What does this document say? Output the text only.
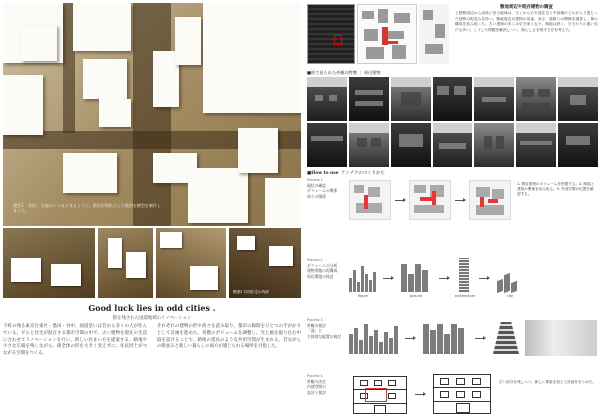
模型1 「街区」全部が１つまとまるように、新旧定期拡大した範囲を模型を制作しました。
模型2 共同住宅の内部
Good luck lies in odd cities .
街を残された国道地域のリノベーション
下町の残る東京台東区・墨田・谷中、国道沿いは昔から多くの人が住んでいる。ビルと住宅が混在する都市空間の中で、古い建物を現在の生活に合わせてリノベーションを行い、新しい住まい方を提案する。路地や小さな広場を残しながら、街全体の形を大きく変えずに、住民同士がつながる空間をつくる。
それぞれの建物の形や高さを読み取り、都市の隙間をひとつの手がかりとして計画を進めた。各階のボリュームを調整し、光と風を取り込む中庭を設けることで、路地の延長のような共用空間が生まれる。昔ながらの街並みと新しい暮らしの両方が感じられる場所を目指した。
敷地周辺や既存建物の調査
上野駅周辺から浅草に至る地域は、古くからの木造住宅と中高層のビルが入り混じった独特の街並みを持つ。敷地周辺の建物の用途、高さ、道路との関係を調査し、街の構成を読み取った。古い建物の多くは空き家となり、路地は狭く、日当たりの悪い住戸も多い。こうした問題を解決しつつ、街らしさを残す方法を考えた。
■街で見られた外観の特徴 ｜ 周辺建物
■How to use ケンチクのつくりかた
Process 1
現状の確認
ボリュームの関係
周りの関係
1. 既存建物のボリュームを把握する。2. 路地と建物の関係を読み取る。3. 外部空間の位置を確認する。
Process 2
ボリュームの分析
建物形態の再構成
周辺環境の検討
figure	ground	architecture	city
Process 3
外観の検討
「面」と
立体的な配置の検討
Process 4
外観の決定
内部空間の
設計と検討
古い部分を残しつつ、新しい要素を加えて計画をまとめた。
